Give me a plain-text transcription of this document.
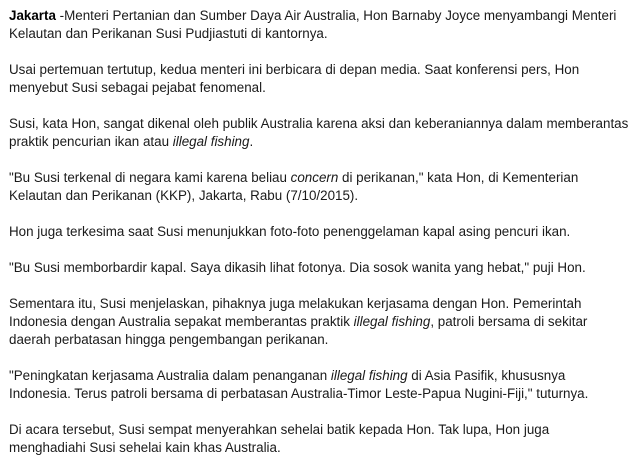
Jakarta -Menteri Pertanian dan Sumber Daya Air Australia, Hon Barnaby Joyce menyambangi Menteri Kelautan dan Perikanan Susi Pudjiastuti di kantornya.

Usai pertemuan tertutup, kedua menteri ini berbicara di depan media. Saat konferensi pers, Hon menyebut Susi sebagai pejabat fenomenal.

Susi, kata Hon, sangat dikenal oleh publik Australia karena aksi dan keberaniannya dalam memberantas praktik pencurian ikan atau illegal fishing.

"Bu Susi terkenal di negara kami karena beliau concern di perikanan," kata Hon, di Kementerian Kelautan dan Perikanan (KKP), Jakarta, Rabu (7/10/2015).

Hon juga terkesima saat Susi menunjukkan foto-foto penenggelaman kapal asing pencuri ikan.

"Bu Susi memborbardir kapal. Saya dikasih lihat fotonya. Dia sosok wanita yang hebat," puji Hon.

Sementara itu, Susi menjelaskan, pihaknya juga melakukan kerjasama dengan Hon. Pemerintah Indonesia dengan Australia sepakat memberantas praktik illegal fishing, patroli bersama di sekitar daerah perbatasan hingga pengembangan perikanan.

"Peningkatan kerjasama Australia dalam penanganan illegal fishing di Asia Pasifik, khususnya Indonesia. Terus patroli bersama di perbatasan Australia-Timor Leste-Papua Nugini-Fiji," tuturnya.

Di acara tersebut, Susi sempat menyerahkan sehelai batik kepada Hon. Tak lupa, Hon juga menghadiahi Susi sehelai kain khas Australia.
